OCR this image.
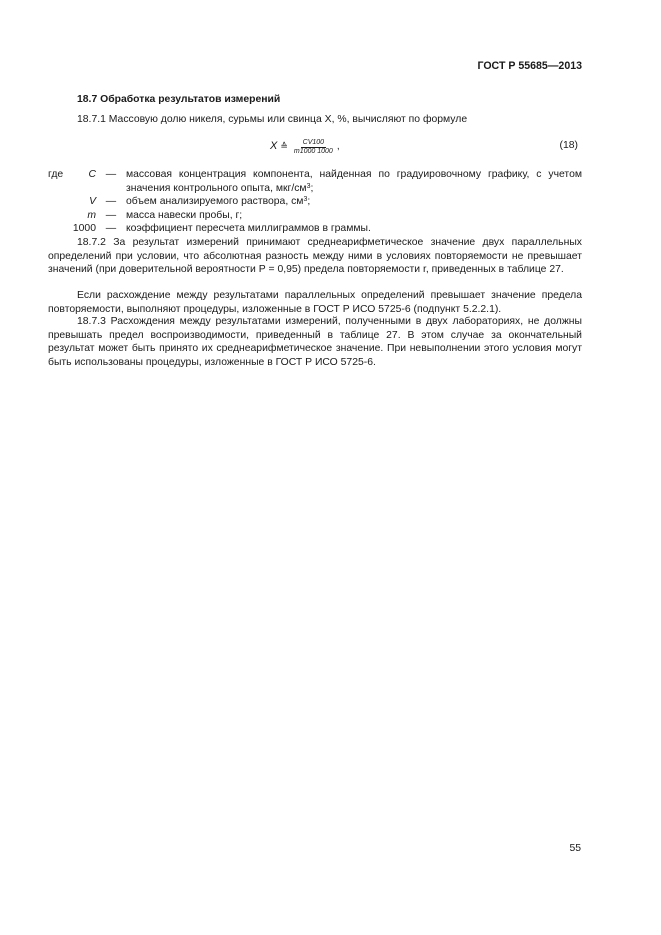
ГОСТ Р 55685—2013
18.7 Обработка результатов измерений

18.7.1 Массовую долю никеля, сурьмы или свинца X, %, вычисляют по формуле

X ≙ $\frac{CV100}{m1000 1000}$ ,	(18)
где	C — массовая концентрация компонента, найденная по градуировочному графику, с учетом значения контрольного опыта, мкг/$см^3$;
V — объем анализируемого раствора, $см^3$;
m — масса навески пробы, г;
1000 — коэффициент пересчета миллиграммов в граммы.

18.7.2 За результат измерений принимают среднеарифметическое значение двух параллельных определений при условии, что абсолютная разность между ними в условиях повторяемости не превышает значений (при доверительной вероятности Р = 0,95) предела повторяемости r, приведенных в таблице 27.

Если расхождение между результатами параллельных определений превышает значение предела повторяемости, выполняют процедуры, изложенные в ГОСТ Р ИСО 5725-6 (подпункт 5.2.2.1).

18.7.3 Расхождения между результатами измерений, полученными в двух лабораториях, не должны превышать предел воспроизводимости, приведенный в таблице 27. В этом случае за окончательный результат может быть принято их среднеарифметическое значение. При невыполнении этого условия могут быть использованы процедуры, изложенные в ГОСТ Р ИСО 5725-6.

55
